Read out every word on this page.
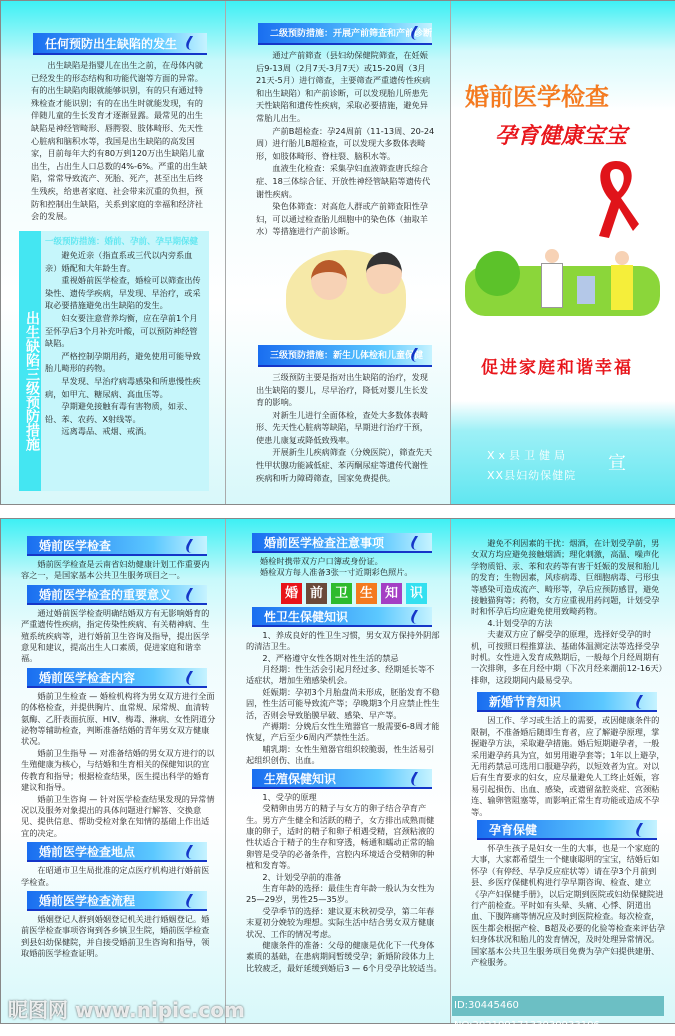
任何预防出生缺陷的发生

出生缺陷是指婴儿在出生之前，在母体内就已经发生的形态结构和功能代谢等方面的异常。有的出生缺陷肉眼就能够识别，有的只有通过特殊检查才能识别；有的在出生时就能发现，有的伴随儿童的生长发育才逐渐显露。最常见的出生缺陷是神经管畸形、唇腭裂、肢体畸形、先天性心脏病和脑积水等，我国是出生缺陷的高发国家，目前每年大约有80万到120万出生缺陷儿童出生，占出生人口总数的4%-6%。严重的出生缺陷，常常导致流产、死胎、死产，甚至出生后终生残疾，给患者家庭、社会带来沉重的负担，预防和控制出生缺陷，关系到家庭的幸福和经济社会的发展。

出生缺陷三级预防措施
一级预防措施：婚前、孕前、孕早期保健

避免近亲（指直系或三代以内旁系血亲）婚配和大年龄生育。

重视婚前医学检查，婚检可以筛查出传染性、遗传学疾病，早发现、早治疗，或采取必要措施避免出生缺陷的发生。

妇女要注意营养均衡，应在孕前1个月至怀孕后3个月补充叶酸，可以预防神经管缺陷。

严格控制孕期用药，避免使用可能导致胎儿畸形的药物。

早发现、早治疗病毒感染和所患慢性疾病，如甲亢、糖尿病、高血压等。

孕期避免接触有毒有害物质，如汞、铅、苯、农药、X射线等。

远离毒品、戒烟、戒酒。

二级预防措施：开展产前筛查和产前诊断

通过产前筛查（县妇幼保健院筛查，在妊娠后9-13周（2月7天-3月7天）或15-20周（3月21天-5月）进行筛查，主要筛查严重遗传性疾病和出生缺陷）和产前诊断，可以发现胎儿所患先天性缺陷和遗传性疾病，采取必要措施，避免异常胎儿出生。

产前B超检查：孕24周前（11-13周、20-24周）进行胎儿B超检查，可以发现大多数体表畸形，如肢体畸形、脊柱裂、脑积水等。

血液生化检查：采集孕妇血液筛查唐氏综合症、18三体综合征、开放性神经管缺陷等遗传代谢性疾病。

染色体筛查：对高危人群或产前筛查阳性孕妇，可以通过检查胎儿细胞中的染色体（抽取羊水）等措施进行产前诊断。

三级预防措施：新生儿体检和儿童保健

三级预防主要是指对出生缺陷的治疗，发现出生缺陷的婴儿，尽早治疗，降低对婴儿生长发育的影响。

对新生儿进行全面体检，查处大多数体表畸形、先天性心脏病等缺陷，早期进行治疗干预，使患儿康复或降低致残率。

开展新生儿疾病筛查（分娩医院），筛查先天性甲状腺功能减低症、苯丙酮尿症等遗传代谢性疾病和听力障碍筛查，国家免费提供。

婚前医学检查
孕育健康宝宝
促进家庭和谐幸福
Xx县卫健局
XX县妇幼保健院
宣
婚前医学检查

婚前医学检查是云南省妇幼健康计划工作重要内容之一，是国家基本公共卫生服务项目之一。

婚前医学检查的重要意义

通过婚前医学检查明确结婚双方有无影响婚育的严重遗传性疾病，指定传染性疾病、有关精神病、生殖系统疾病等，进行婚前卫生咨询及指导，提出医学意见和建议，提高出生人口素质，促进家庭和谐幸福。

婚前医学检查内容

婚前卫生检查 — 婚检机构将为男女双方进行全面的体格检查，并提供胸片、血常规、尿常规、血清转氨酶、乙肝表面抗原、HIV、梅毒、淋病、女性阴道分泌物等辅助检查，判断准备结婚的青年男女双方健康状况。

婚前卫生指导 — 对准备结婚的男女双方进行的以生殖健康为核心，与结婚和生育相关的保健知识的宣传教育和指导；根据检查结果，医生提出科学的婚育建议和指导。

婚前卫生咨询 — 针对医学检查结果发现的异常情况以及服务对象提出的具体问题进行解答、交换意见、提供信息、帮助受检对象在知情的基础上作出适宜的决定。

婚前医学检查地点

在昭通市卫生局批准的定点医疗机构进行婚前医学检查。

婚前医学检查流程

婚姻登记人群到婚姻登记机关进行婚姻登记。婚前医学检查事项咨询到各乡镇卫生院，婚前医学检查到县妇幼保健院，并自接受婚前卫生咨询和指导，领取婚前医学检查证明。

婚前医学检查注意事项
婚检时携带双方户口簿或身份证。
婚检双方每人准备3张一寸近期彩色照片。
婚 前 卫 生 知 识
性卫生保健知识

1、养成良好的性卫生习惯，男女双方保持外阴部的清洁卫生。

2、严格遵守女性各期对性生活的禁忌

月经期：性生活会引起月经过多、经期延长等不适症状，增加生殖感染机会。

妊娠期：孕初3个月胎盘尚未形成，胚胎发育不稳固，性生活可能导致流产等；孕晚期3个月应禁止性生活，否则会导致胎膜早破、感染、早产等。

产褥期：分娩后女性生殖器官一般需要6-8周才能恢复，产后至少6周内严禁性生活。

哺乳期：女性生殖器官组织较脆弱，性生活易引起组织创伤、出血。

生殖保健知识

1、受孕的原理

受精卵由男方的精子与女方的卵子结合孕育产生。男方产生健全和活跃的精子，女方排出成熟而健康的卵子，适时的精子和卵子相遇受精，宫颈粘液的性状适合于精子的生存和穿透，畅通和蠕动正常的输卵管是受孕的必备条件，宫腔内环境适合受精卵的种植和发育等。

2、计划受孕前的准备

生育年龄的选择：最佳生育年龄一般认为女性为25—29岁，男性25—35岁。

受孕季节的选择：建议夏末秋初受孕，第二年春末夏初分娩较为理想。实际生活中结合男女双方健康状况、工作的情况考虑。

健康条件的准备：父母的健康是优化下一代身体素质的基础，在患病期间暂缓受孕；新婚阶段体力上比较疲乏，最好延缓到婚后3 — 6个月受孕比较适当。

避免不利因素的干扰：烟酒，在计划受孕前，男女双方均应避免接触烟酒；理化刺激，高温、噪声化学物质铅、汞、苯和农药等有害于妊娠的发展和胎儿的发育；生物因素，风疹病毒、巨细胞病毒、弓形虫等感染可造成流产、畸形等，孕后应预防感冒，避免接触猫狗等；药物，女方应重视用药问题，计划受孕时和怀孕后均应避免使用致畸药物。

4.计划受孕的方法

夫妻双方应了解受孕的原理，选择好受孕的时机，可按照日程推算法、基础体温测定法等选择受孕时机。女性进入发育成熟期后，一般每个月经周期有一次排卵，多在月经中期（下次月经来潮前12-16天）排卵，这段期间内最易受孕。

新婚节育知识

因工作、学习或生活上的需要，或因健康条件的限制，不准备婚后随即生育者，应了解避孕原理，掌握避孕方法，采取避孕措施。婚后短期避孕者，一般采用避孕药具为宜，如男用避孕套等；1年以上避孕，无用药禁忌可选用口服避孕药，以短效者为宜。对以后有生育要求的妇女，应尽量避免人工终止妊娠，容易引起损伤、出血、感染，或遗留盆腔炎症、宫颈粘连、输卵管阻塞等，而影响正常生育功能或造成不孕等。

孕育保健

怀孕生孩子是妇女一生的大事，也是一个家庭的大事，大家都希望生一个健康聪明的宝宝，结婚后如怀孕（有停经、早孕反应症状等）请在孕3个月前到县、乡医疗保健机构进行孕早期咨询、检查、建立《孕产妇保健手册》，以后定期到医院或妇幼保健院进行产前检查。平时如有头晕、头痛、心悸、阴道出血、下腹阵痛等情况应及时到医院检查。每次检查，医生都会根据产检、B超及必要的化验等检查来评估孕妇身体状况和胎儿的发育情况，及时处理异常情况。国家基本公共卫生服务项目免费为孕产妇提供建册、产检服务。

昵图网 www.nipic.com	ID:30445460 NO:20210917133030933106
